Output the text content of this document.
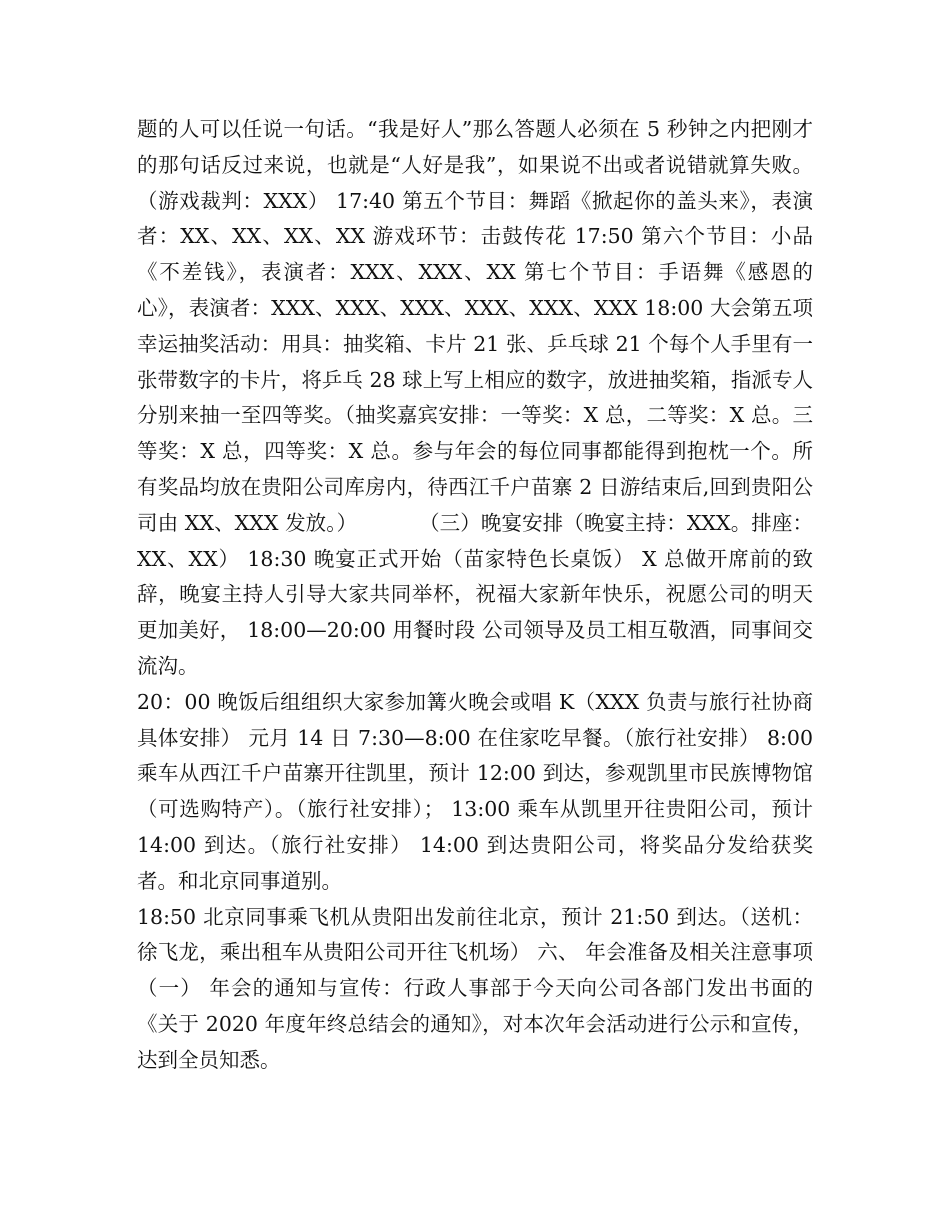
题的人可以任说一句话。“我是好人”那么答题人必须在 5 秒钟之内把刚才的那句话反过来说，也就是“人好是我”，如果说不出或者说错就算失败。（游戏裁判：XXX） 17:40 第五个节目：舞蹈《掀起你的盖头来》，表演者：XX、XX、XX、XX 游戏环节：击鼓传花 17:50 第六个节目：小品《不差钱》，表演者：XXX、XXX、XX 第七个节目：手语舞《感恩的心》，表演者：XXX、XXX、XXX、XXX、XXX、XXX 18:00 大会第五项幸运抽奖活动：用具：抽奖箱、卡片 21 张、乒乓球 21 个每个人手里有一张带数字的卡片，将乒乓 28 球上写上相应的数字，放进抽奖箱，指派专人分别来抽一至四等奖。（抽奖嘉宾安排：一等奖：X 总，二等奖：X 总。三等奖：X 总，四等奖：X 总。参与年会的每位同事都能得到抱枕一个。所有奖品均放在贵阳公司库房内，待西江千户苗寨 2 日游结束后,回到贵阳公司由 XX、XXX 发放。）　　　　（三）晚宴安排（晚宴主持：XXX。排座：XX、XX） 18:30 晚宴正式开始（苗家特色长桌饭） X 总做开席前的致辞，晚宴主持人引导大家共同举杯，祝福大家新年快乐，祝愿公司的明天更加美好， 18:00—20:00 用餐时段 公司领导及员工相互敬酒，同事间交流沟。

20：00 晚饭后组组织大家参加篝火晚会或唱 K（XXX 负责与旅行社协商具体安排） 元月 14 日 7:30—8:00 在住家吃早餐。（旅行社安排） 8:00 乘车从西江千户苗寨开往凯里，预计 12:00 到达，参观凯里市民族博物馆（可选购特产）。（旅行社安排）； 13:00 乘车从凯里开往贵阳公司，预计 14:00 到达。（旅行社安排） 14:00 到达贵阳公司，将奖品分发给获奖者。和北京同事道别。

18:50 北京同事乘飞机从贵阳出发前往北京，预计 21:50 到达。（送机：徐飞龙，乘出租车从贵阳公司开往飞机场） 六、 年会准备及相关注意事项 （一） 年会的通知与宣传：行政人事部于今天向公司各部门发出书面的《关于 2020 年度年终总结会的通知》，对本次年会活动进行公示和宣传，达到全员知悉。
